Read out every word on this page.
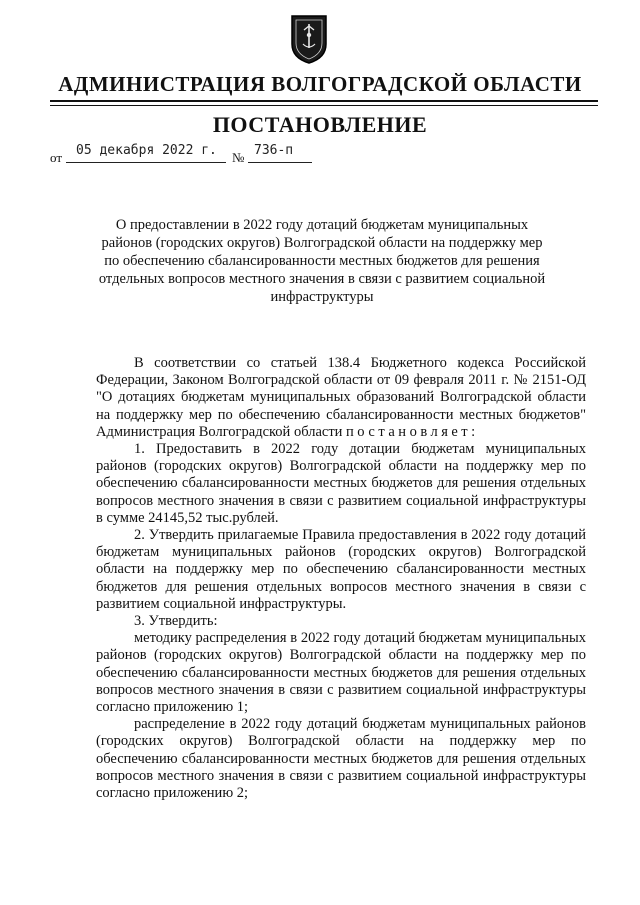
АДМИНИСТРАЦИЯ ВОЛГОГРАДСКОЙ ОБЛАСТИ
ПОСТАНОВЛЕНИЕ
от 05 декабря 2022 г. № 736-п
О предоставлении в 2022 году дотаций бюджетам муниципальных районов (городских округов) Волгоградской области на поддержку мер по обеспечению сбалансированности местных бюджетов для решения отдельных вопросов местного значения в связи с развитием социальной инфраструктуры

В соответствии со статьей 138.4 Бюджетного кодекса Российской Федерации, Законом Волгоградской области от 09 февраля 2011 г. № 2151-ОД "О дотациях бюджетам муниципальных образований Волгоградской области на поддержку мер по обеспечению сбалансированности местных бюджетов" Администрация Волгоградской области постановляет:

1. Предоставить в 2022 году дотации бюджетам муниципальных районов (городских округов) Волгоградской области на поддержку мер по обеспечению сбалансированности местных бюджетов для решения отдельных вопросов местного значения в связи с развитием социальной инфраструктуры в сумме 24145,52 тыс.рублей.

2. Утвердить прилагаемые Правила предоставления в 2022 году дотаций бюджетам муниципальных районов (городских округов) Волгоградской области на поддержку мер по обеспечению сбалансированности местных бюджетов для решения отдельных вопросов местного значения в связи с развитием социальной инфраструктуры.

3. Утвердить:

методику распределения в 2022 году дотаций бюджетам муниципальных районов (городских округов) Волгоградской области на поддержку мер по обеспечению сбалансированности местных бюджетов для решения отдельных вопросов местного значения в связи с развитием социальной инфраструктуры согласно приложению 1;

распределение в 2022 году дотаций бюджетам муниципальных районов (городских округов) Волгоградской области на поддержку мер по обеспечению сбалансированности местных бюджетов для решения отдельных вопросов местного значения в связи с развитием социальной инфраструктуры согласно приложению 2;
